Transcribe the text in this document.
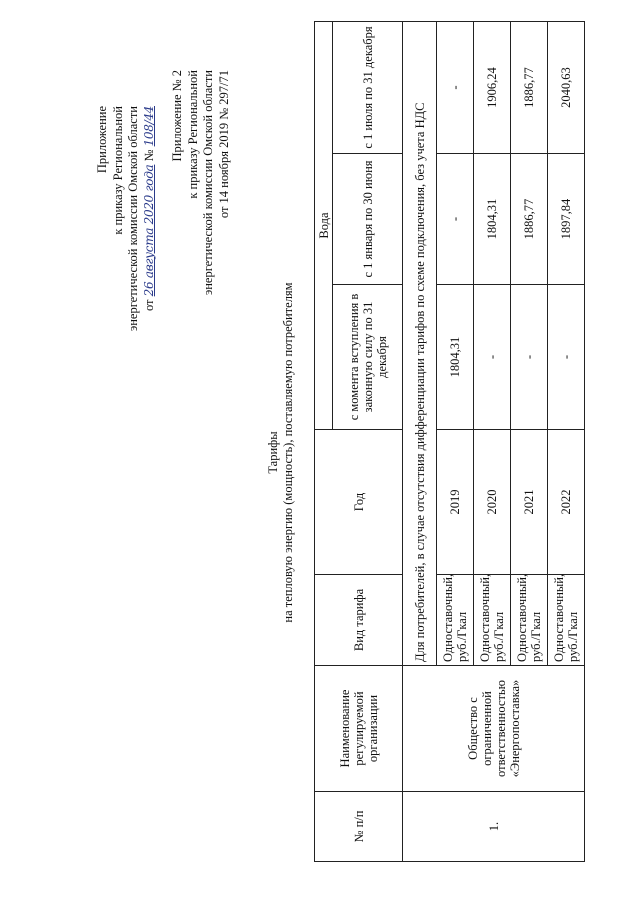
Приложение к приказу Региональной энергетической комиссии Омской области от 26 августа 2020 года № 108/44 Приложение № 2 к приказу Региональной энергетической комиссии Омской области от 14 ноября 2019 № 297/71
Тарифы на тепловую энергию (мощность), поставляемую потребителям
№ п/п	Наименование регулируемой организации	Вид тарифа	Год	Вода		
				с момента вступления в законную силу по 31 декабря	с 1 января по 30 июня	с 1 июля по 31 декабря
1.	Общество с ограниченной ответственностью «Энергопоставка»	Для потребителей, в случае отсутствия дифференциации тарифов по схеме подключения, без учета НДС				
		Одноставочный, руб./Гкал	2019	1804,31	-	-
		Одноставочный, руб./Гкал	2020	-	1804,31	1906,24
		Одноставочный, руб./Гкал	2021	-	1886,77	1886,77
		Одноставочный, руб./Гкал	2022	-	1897,84	2040,63
